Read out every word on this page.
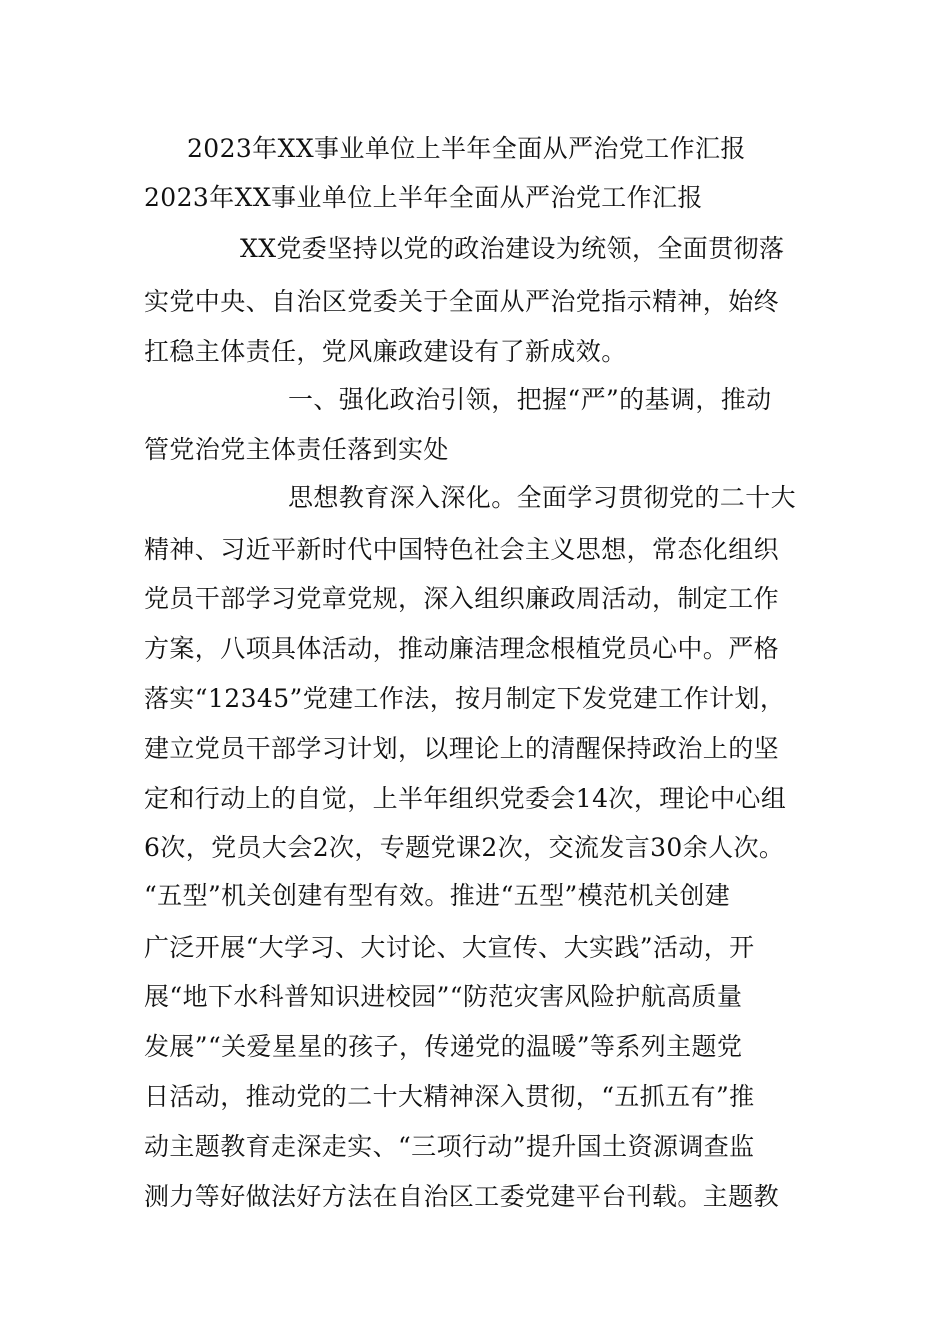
2023年XX事业单位上半年全面从严治党工作汇报
2023年XX事业单位上半年全面从严治党工作汇报
XX党委坚持以党的政治建设为统领，全面贯彻落
实党中央、自治区党委关于全面从严治党指示精神，始终
扛稳主体责任，党风廉政建设有了新成效。
一、强化政治引领，把握“严”的基调，推动
管党治党主体责任落到实处
思想教育深入深化。全面学习贯彻党的二十大
精神、习近平新时代中国特色社会主义思想，常态化组织
党员干部学习党章党规，深入组织廉政周活动，制定工作
方案，八项具体活动，推动廉洁理念根植党员心中。严格
落实“12345”党建工作法，按月制定下发党建工作计划，
建立党员干部学习计划，以理论上的清醒保持政治上的坚
定和行动上的自觉，上半年组织党委会14次，理论中心组
6次，党员大会2次，专题党课2次，交流发言30余人次。
“五型”机关创建有型有效。推进“五型”模范机关创建
广泛开展“大学习、大讨论、大宣传、大实践”活动，开
展“地下水科普知识进校园”“防范灾害风险护航高质量
发展”“关爱星星的孩子，传递党的温暖”等系列主题党
日活动，推动党的二十大精神深入贯彻，“五抓五有”推
动主题教育走深走实、“三项行动”提升国土资源调查监
测力等好做法好方法在自治区工委党建平台刊载。主题教
